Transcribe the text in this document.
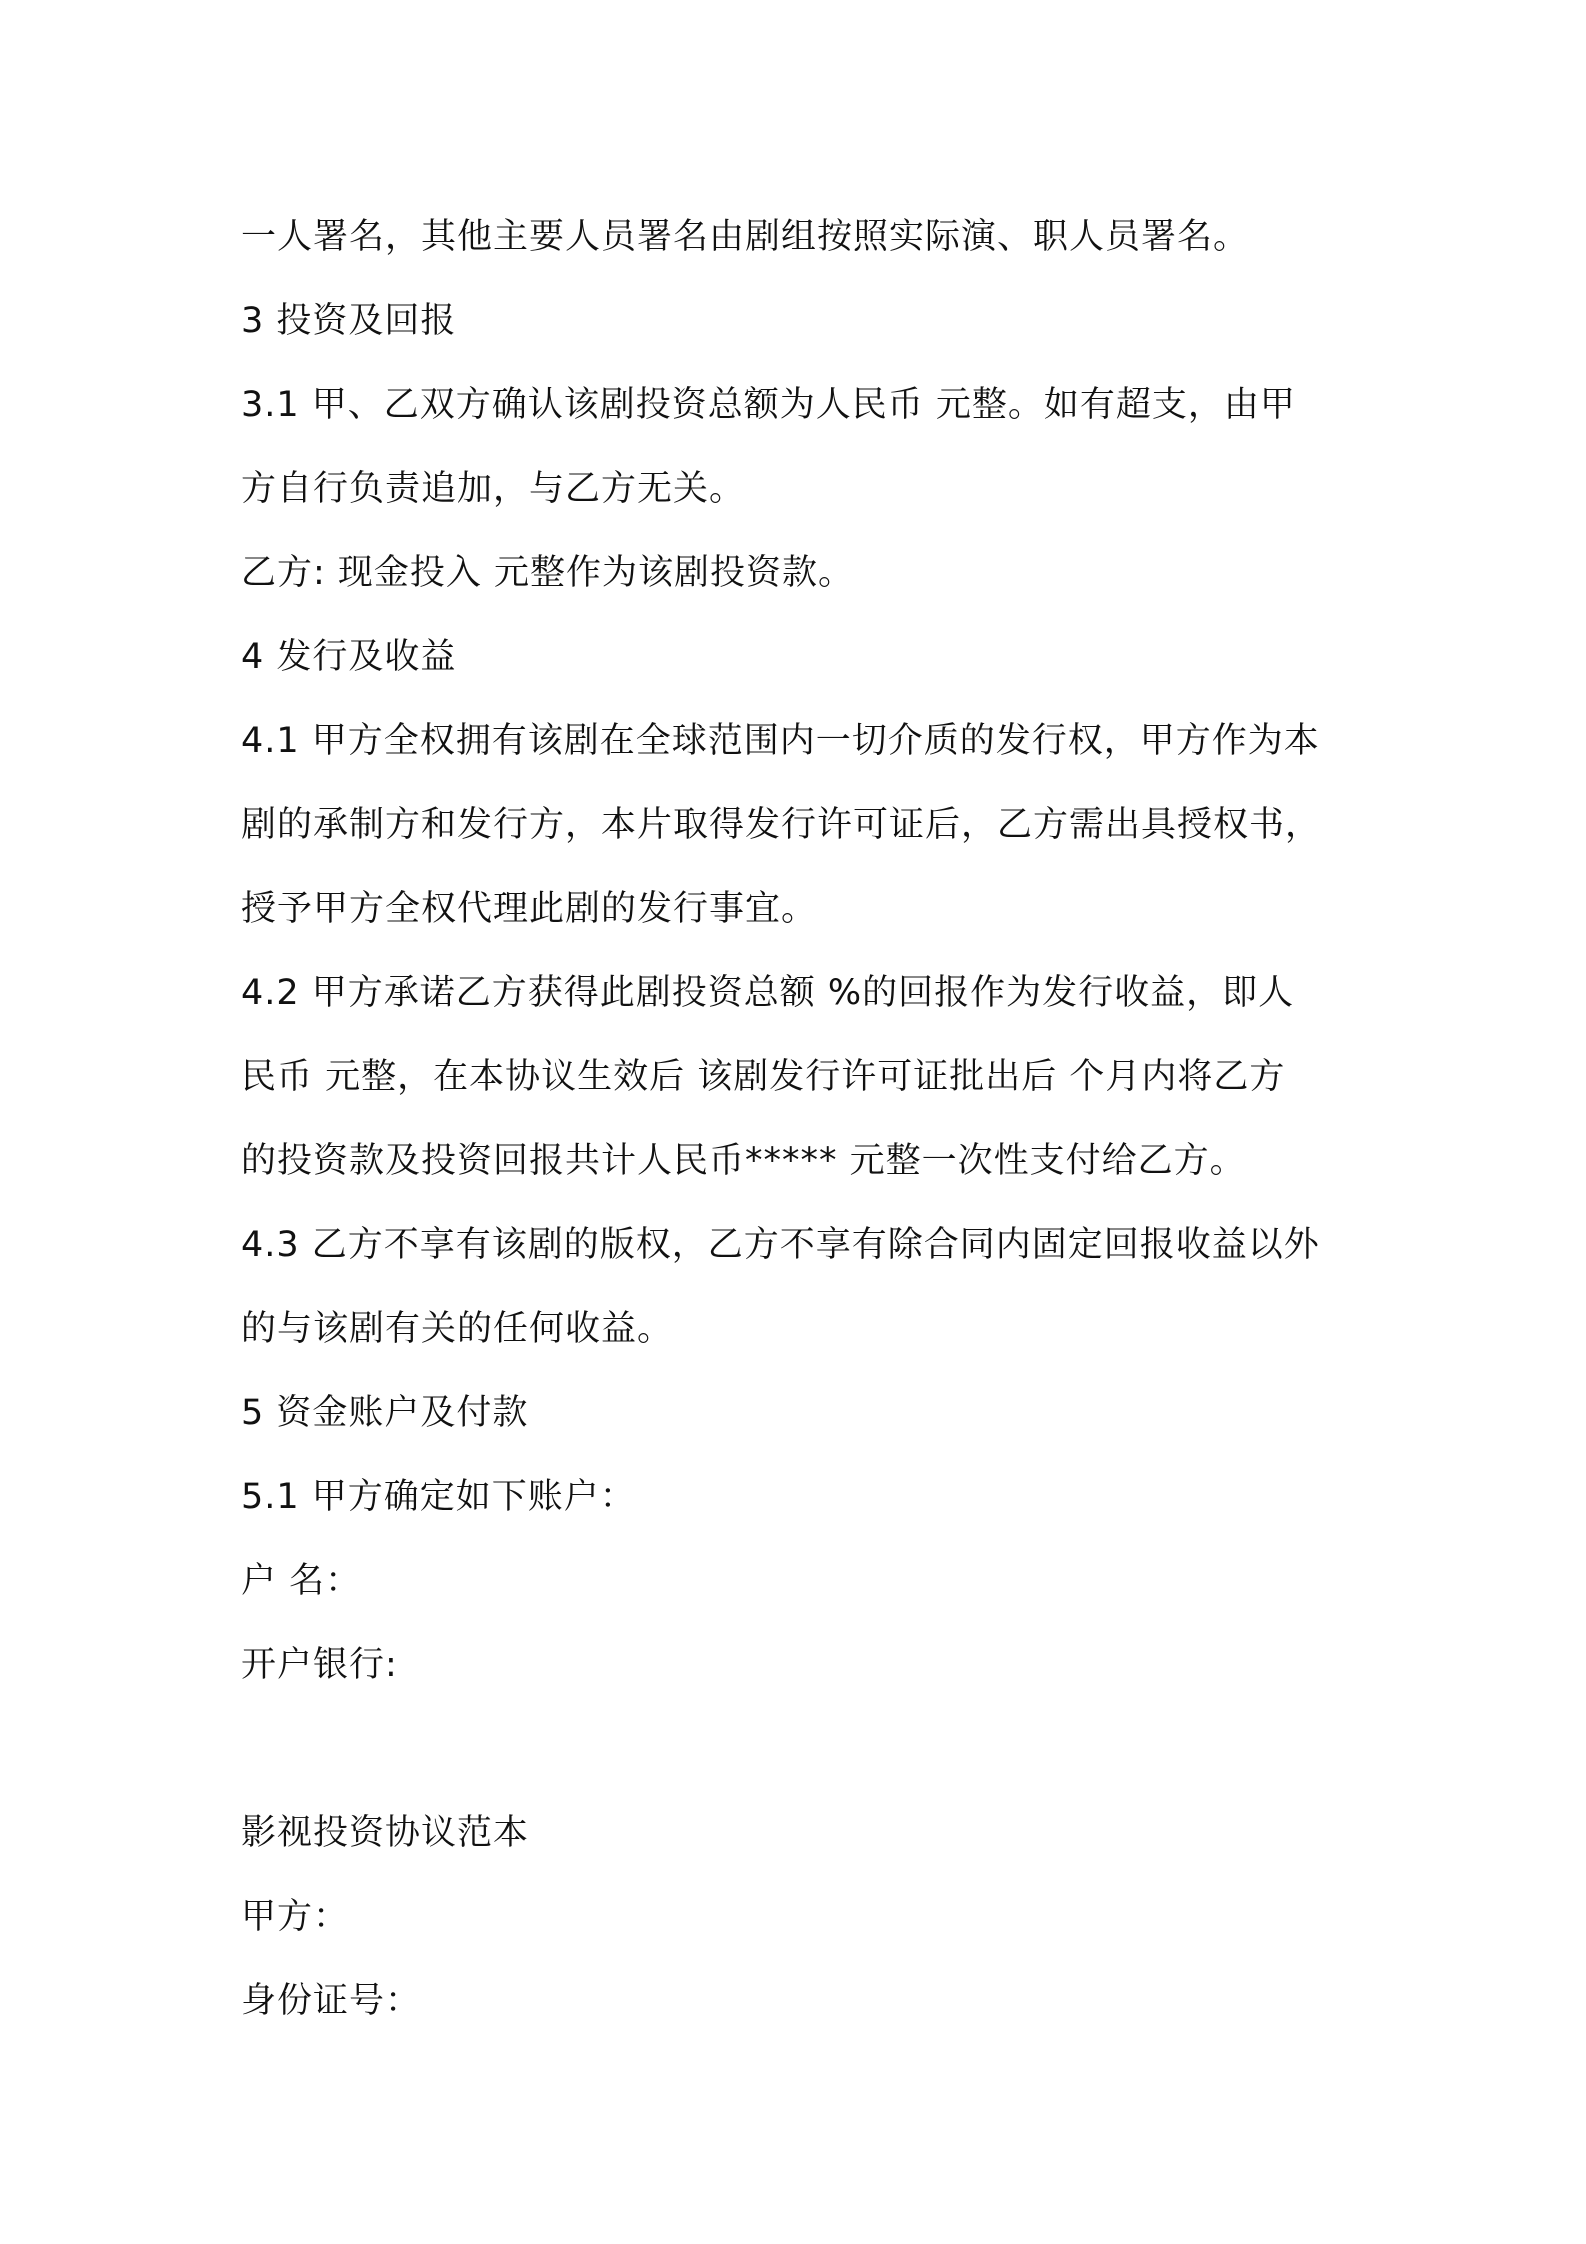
一人署名，其他主要人员署名由剧组按照实际演、职人员署名。
3 投资及回报
3.1 甲、乙双方确认该剧投资总额为人民币 元整。如有超支，由甲
方自行负责追加，与乙方无关。
乙方: 现金投入 元整作为该剧投资款。
4 发行及收益
4.1 甲方全权拥有该剧在全球范围内一切介质的发行权，甲方作为本
剧的承制方和发行方，本片取得发行许可证后，乙方需出具授权书，
授予甲方全权代理此剧的发行事宜。
4.2 甲方承诺乙方获得此剧投资总额 %的回报作为发行收益，即人
民币 元整，在本协议生效后 该剧发行许可证批出后 个月内将乙方
的投资款及投资回报共计人民币***** 元整一次性支付给乙方。
4.3 乙方不享有该剧的版权，乙方不享有除合同内固定回报收益以外
的与该剧有关的任何收益。
5 资金账户及付款
5.1 甲方确定如下账户：
户 名：
开户银行:
影视投资协议范本
甲方：
身份证号：
